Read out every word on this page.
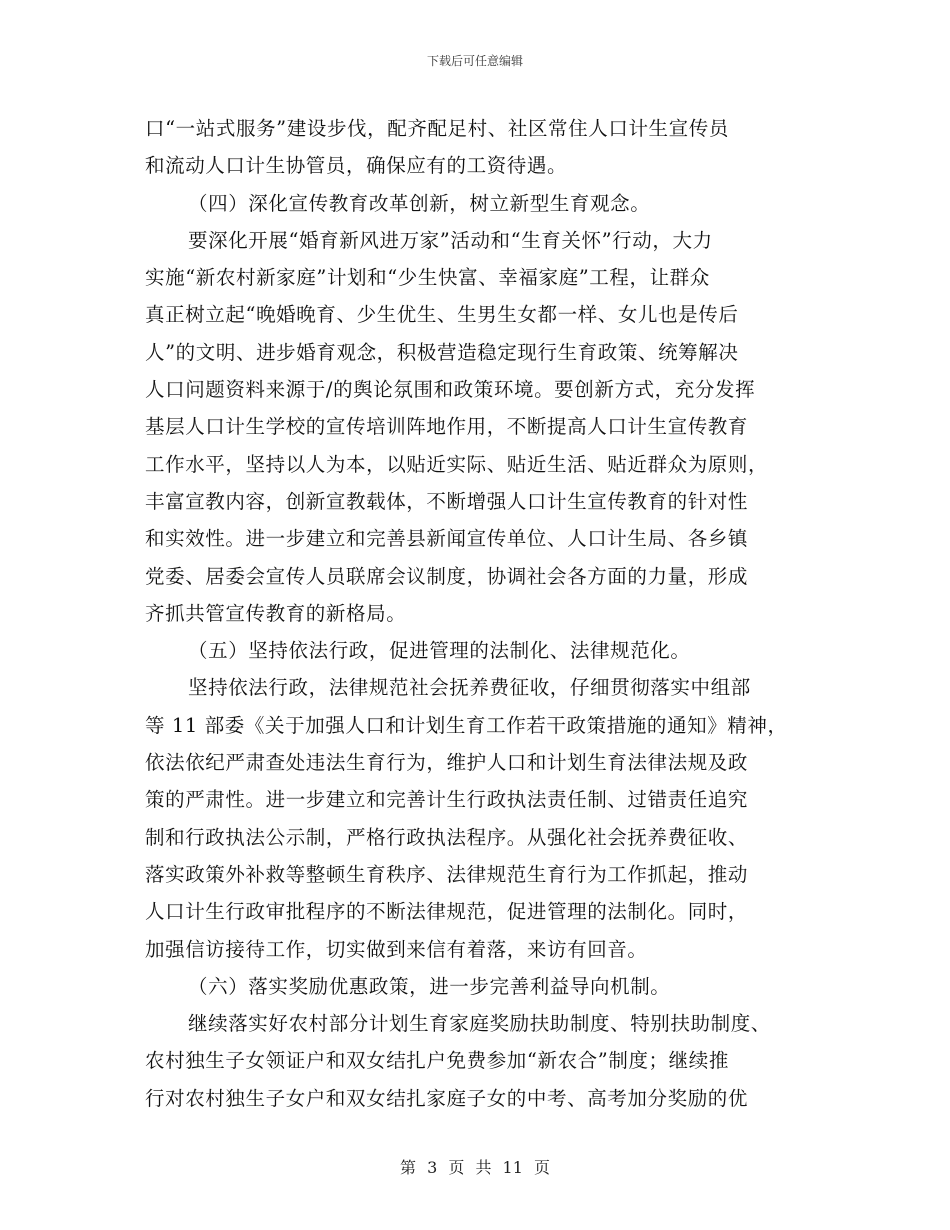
下载后可任意编辑
口“一站式服务”建设步伐，配齐配足村、社区常住人口计生宣传员
和流动人口计生协管员，确保应有的工资待遇。
（四）深化宣传教育改革创新，树立新型生育观念。
要深化开展“婚育新风进万家”活动和“生育关怀”行动，大力
实施“新农村新家庭”计划和“少生快富、幸福家庭”工程，让群众
真正树立起“晚婚晚育、少生优生、生男生女都一样、女儿也是传后
人”的文明、进步婚育观念，积极营造稳定现行生育政策、统筹解决
人口问题资料来源于/的舆论氛围和政策环境。要创新方式，充分发挥
基层人口计生学校的宣传培训阵地作用，不断提高人口计生宣传教育
工作水平，坚持以人为本，以贴近实际、贴近生活、贴近群众为原则，
丰富宣教内容，创新宣教载体，不断增强人口计生宣传教育的针对性
和实效性。进一步建立和完善县新闻宣传单位、人口计生局、各乡镇
党委、居委会宣传人员联席会议制度，协调社会各方面的力量，形成
齐抓共管宣传教育的新格局。
（五）坚持依法行政，促进管理的法制化、法律规范化。
坚持依法行政，法律规范社会抚养费征收，仔细贯彻落实中组部
等 11 部委《关于加强人口和计划生育工作若干政策措施的通知》精神，
依法依纪严肃查处违法生育行为，维护人口和计划生育法律法规及政
策的严肃性。进一步建立和完善计生行政执法责任制、过错责任追究
制和行政执法公示制，严格行政执法程序。从强化社会抚养费征收、
落实政策外补救等整顿生育秩序、法律规范生育行为工作抓起，推动
人口计生行政审批程序的不断法律规范，促进管理的法制化。同时，
加强信访接待工作，切实做到来信有着落，来访有回音。
（六）落实奖励优惠政策，进一步完善利益导向机制。
继续落实好农村部分计划生育家庭奖励扶助制度、特别扶助制度、
农村独生子女领证户和双女结扎户免费参加“新农合”制度；继续推
行对农村独生子女户和双女结扎家庭子女的中考、高考加分奖励的优
第 3 页 共 11 页
